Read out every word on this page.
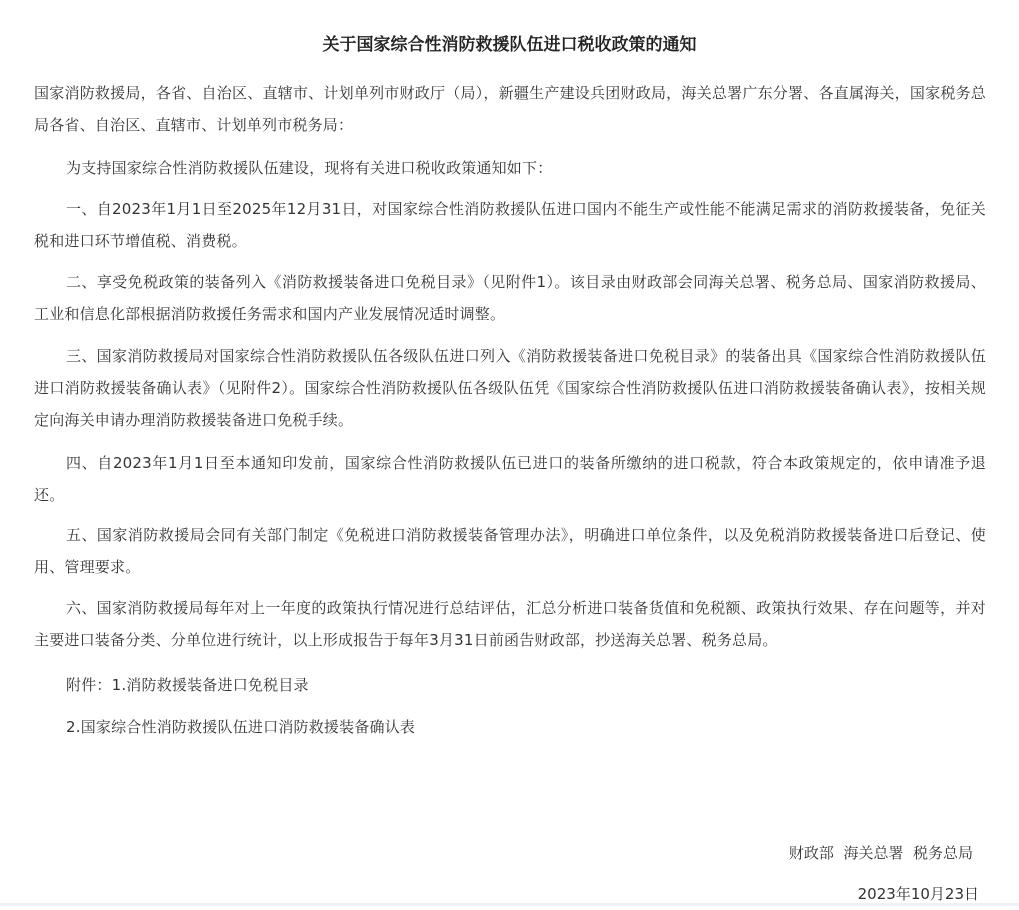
关于国家综合性消防救援队伍进口税收政策的通知

国家消防救援局，各省、自治区、直辖市、计划单列市财政厅（局），新疆生产建设兵团财政局，海关总署广东分署、各直属海关，国家税务总局各省、自治区、直辖市、计划单列市税务局：

为支持国家综合性消防救援队伍建设，现将有关进口税收政策通知如下：

一、自2023年1月1日至2025年12月31日，对国家综合性消防救援队伍进口国内不能生产或性能不能满足需求的消防救援装备，免征关税和进口环节增值税、消费税。

二、享受免税政策的装备列入《消防救援装备进口免税目录》（见附件1）。该目录由财政部会同海关总署、税务总局、国家消防救援局、工业和信息化部根据消防救援任务需求和国内产业发展情况适时调整。

三、国家消防救援局对国家综合性消防救援队伍各级队伍进口列入《消防救援装备进口免税目录》的装备出具《国家综合性消防救援队伍进口消防救援装备确认表》（见附件2）。国家综合性消防救援队伍各级队伍凭《国家综合性消防救援队伍进口消防救援装备确认表》，按相关规定向海关申请办理消防救援装备进口免税手续。

四、自2023年1月1日至本通知印发前，国家综合性消防救援队伍已进口的装备所缴纳的进口税款，符合本政策规定的，依申请准予退还。

五、国家消防救援局会同有关部门制定《免税进口消防救援装备管理办法》，明确进口单位条件，以及免税消防救援装备进口后登记、使用、管理要求。

六、国家消防救援局每年对上一年度的政策执行情况进行总结评估，汇总分析进口装备货值和免税额、政策执行效果、存在问题等，并对主要进口装备分类、分单位进行统计，以上形成报告于每年3月31日前函告财政部，抄送海关总署、税务总局。

附件：1.消防救援装备进口免税目录

2.国家综合性消防救援队伍进口消防救援装备确认表

财政部  海关总署  税务总局

2023年10月23日
